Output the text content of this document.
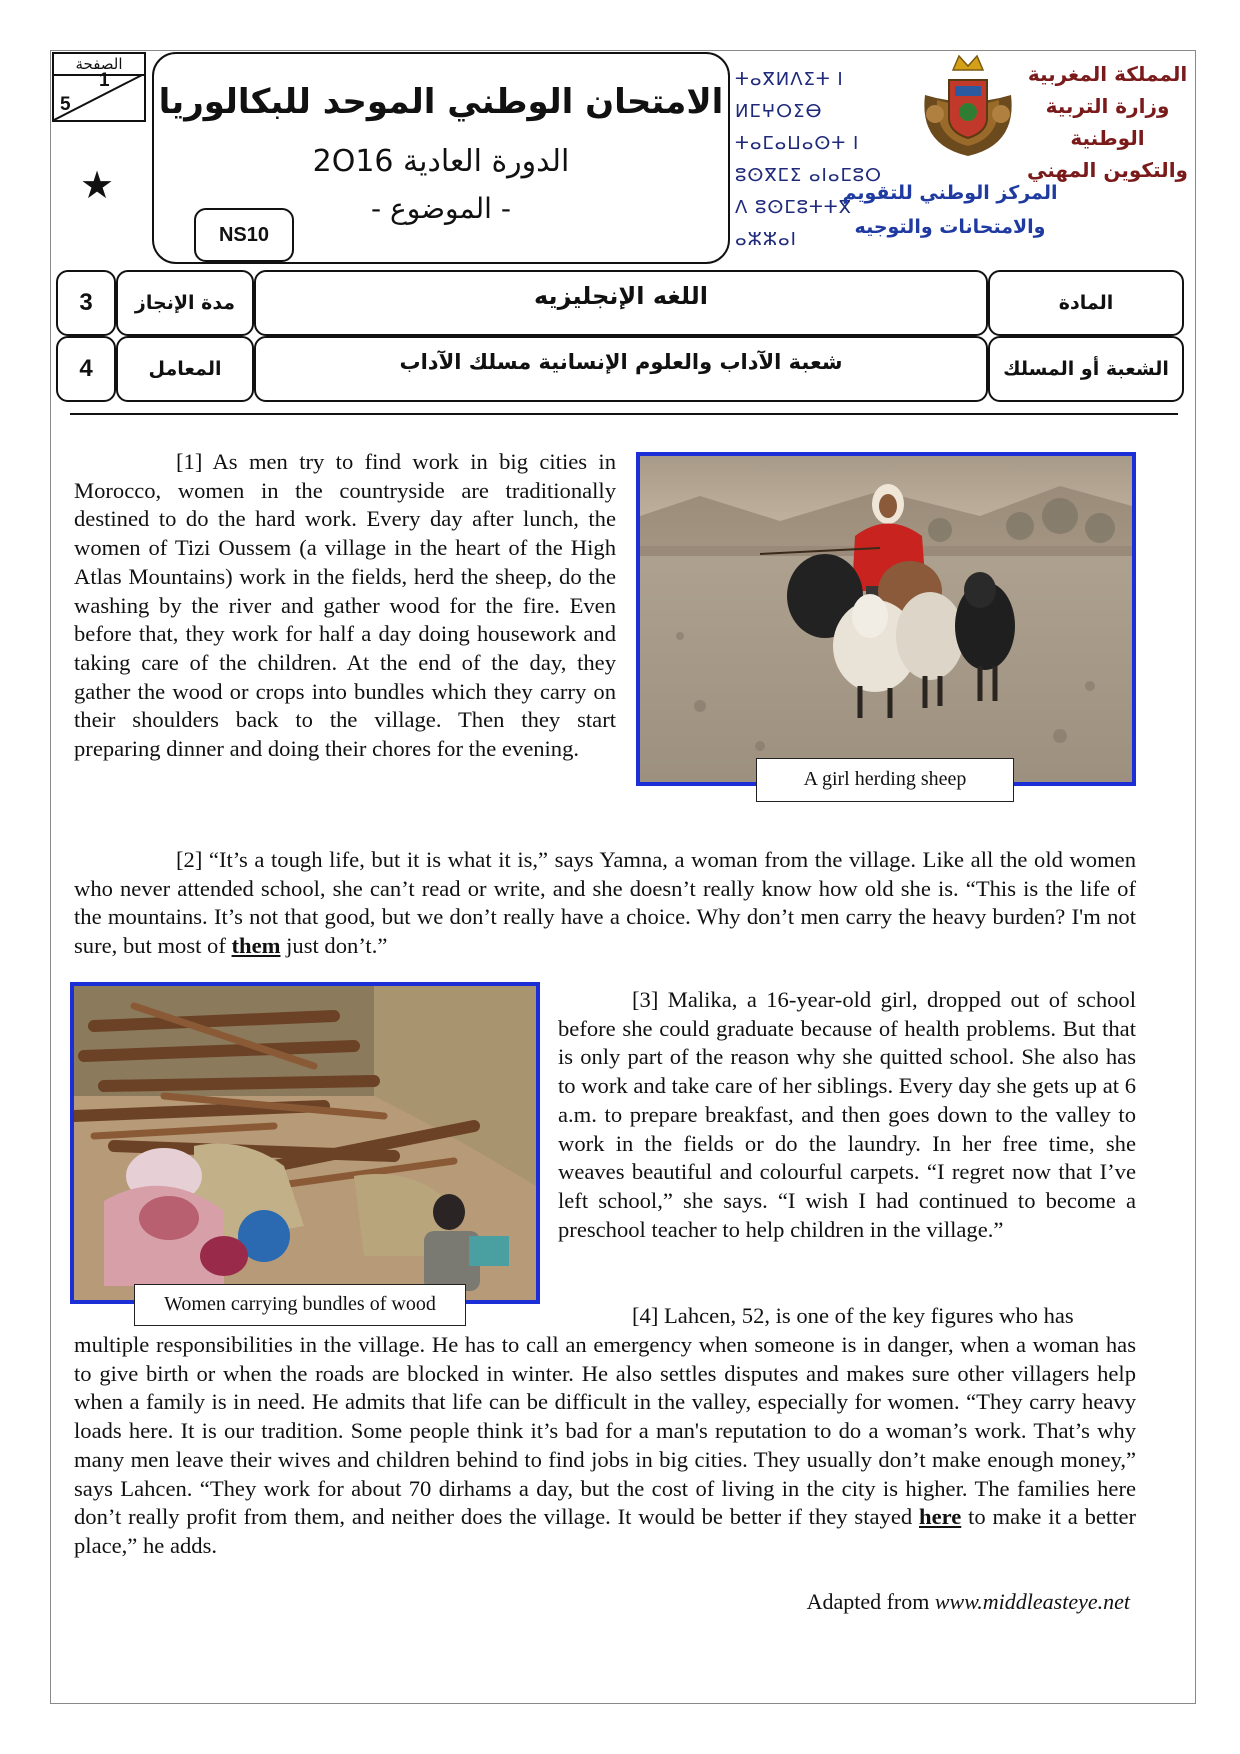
الصفحة
1
5
★
الامتحان الوطني الموحد للبكالوريا
الدورة العادية 2O16
- الموضوع -
NS10
ⵜⴰⴳⵍⴷⵉⵜ ⵏ ⵍⵎⵖⵔⵉⴱ
ⵜⴰⵎⴰⵡⴰⵙⵜ ⵏ ⵓⵙⴳⵎⵉ ⴰⵏⴰⵎⵓⵔ
ⴷ ⵓⵙⵎⵓⵜⵜⴳ ⴰⵣⵣⴰⵏ
المملكة المغربية
وزارة التربية الوطنية
والتكوين المهني
المركز الوطني للتقويم
والامتحانات والتوجيه
3	مدة الإنجاز	اللغه الإنجليزيه	المادة
4	المعامل	شعبة الآداب والعلوم الإنسانية مسلك الآداب	الشعبة أو المسلك
[1] As men try to find work in big cities in Morocco, women in the countryside are traditionally destined to do the hard work. Every day after lunch, the women of Tizi Oussem (a village in the heart of the High Atlas Mountains) work in the fields, herd the sheep, do the washing by the river and gather wood for the fire. Even before that, they work for half a day doing housework and taking care of the children. At the end of the day, they gather the wood or crops into bundles which they carry on their shoulders back to the village. Then they start preparing dinner and doing their chores for the evening.
A girl herding sheep
[2] “It’s a tough life, but it is what it is,” says Yamna, a woman from the village. Like all the old women who never attended school, she can’t read or write, and she doesn’t really know how old she is. “This is the life of the mountains. It’s not that good, but we don’t really have a choice. Why don’t men carry the heavy burden? I'm not sure, but most of them just don’t.”
Women carrying bundles of wood
[3] Malika, a 16-year-old girl, dropped out of school before she could graduate because of health problems. But that is only part of the reason why she quitted school. She also has to work and take care of her siblings. Every day she gets up at 6 a.m. to prepare breakfast, and then goes down to the valley to work in the fields or do the laundry. In her free time, she weaves beautiful and colourful carpets. “I regret now that I’ve left school,” she says. “I wish I had continued to become a preschool teacher to help children in the village.”
[4] Lahcen, 52, is one of the key figures who has
multiple responsibilities in the village. He has to call an emergency when someone is in danger, when a woman has to give birth or when the roads are blocked in winter. He also settles disputes and makes sure other villagers help when a family is in need. He admits that life can be difficult in the valley, especially for women. “They carry heavy loads here. It is our tradition. Some people think it’s bad for a man's reputation to do a woman’s work. That’s why many men leave their wives and children behind to find jobs in big cities. They usually don’t make enough money,” says Lahcen. “They work for about 70 dirhams a day, but the cost of living in the city is higher. The families here don’t really profit from them, and neither does the village. It would be better if they stayed here to make it a better place,” he adds.
Adapted from www.middleasteye.net
